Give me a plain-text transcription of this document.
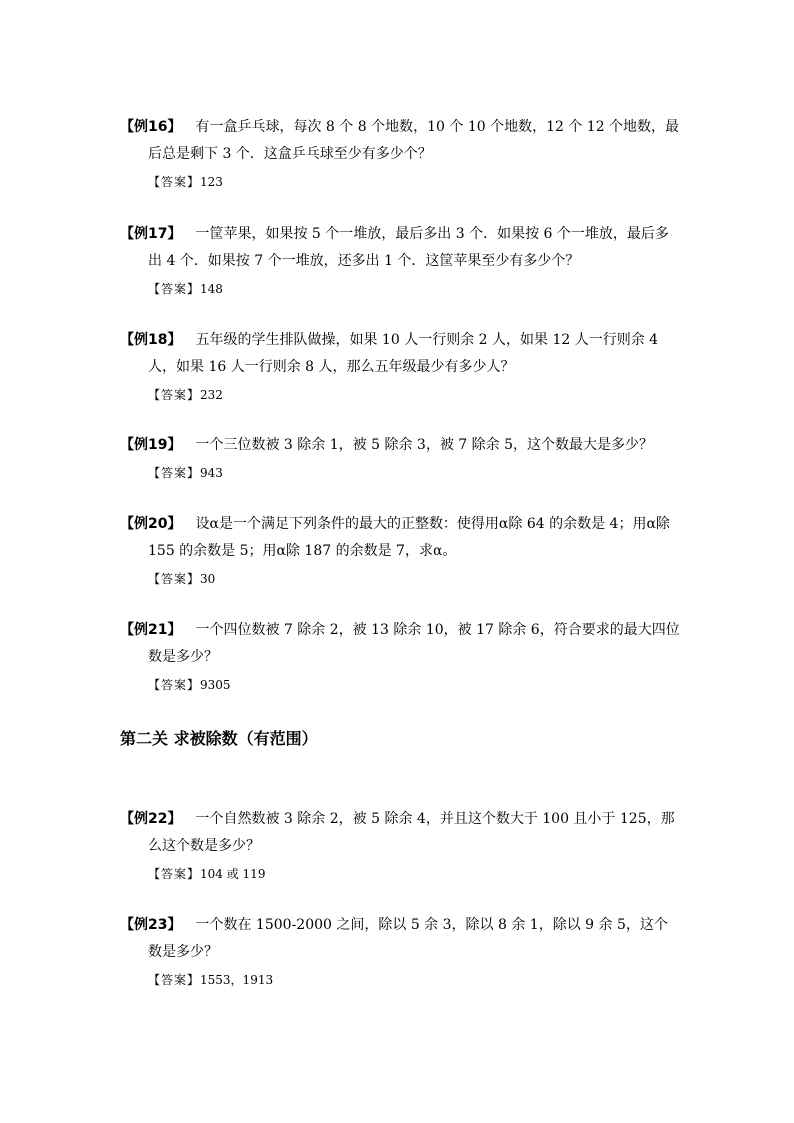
【例16】 有一盒乒乓球，每次 8 个 8 个地数，10 个 10 个地数，12 个 12 个地数，最后总是剩下 3 个．这盒乒乓球至少有多少个？

【答案】123

【例17】 一筐苹果，如果按 5 个一堆放，最后多出 3 个．如果按 6 个一堆放，最后多出 4 个．如果按 7 个一堆放，还多出 1 个．这筐苹果至少有多少个？

【答案】148

【例18】 五年级的学生排队做操，如果 10 人一行则余 2 人，如果 12 人一行则余 4 人，如果 16 人一行则余 8 人，那么五年级最少有多少人？

【答案】232

【例19】 一个三位数被 3 除余 1，被 5 除余 3，被 7 除余 5，这个数最大是多少？

【答案】943

【例20】 设α是一个满足下列条件的最大的正整数：使得用α除 64 的余数是 4；用α除 155 的余数是 5；用α除 187 的余数是 7，求α。

【答案】30

【例21】 一个四位数被 7 除余 2，被 13 除余 10，被 17 除余 6，符合要求的最大四位数是多少？

【答案】9305

第二关 求被除数（有范围）

【例22】 一个自然数被 3 除余 2，被 5 除余 4，并且这个数大于 100 且小于 125，那么这个数是多少？

【答案】104 或 119

【例23】 一个数在 1500-2000 之间，除以 5 余 3，除以 8 余 1，除以 9 余 5，这个数是多少？

【答案】1553，1913
